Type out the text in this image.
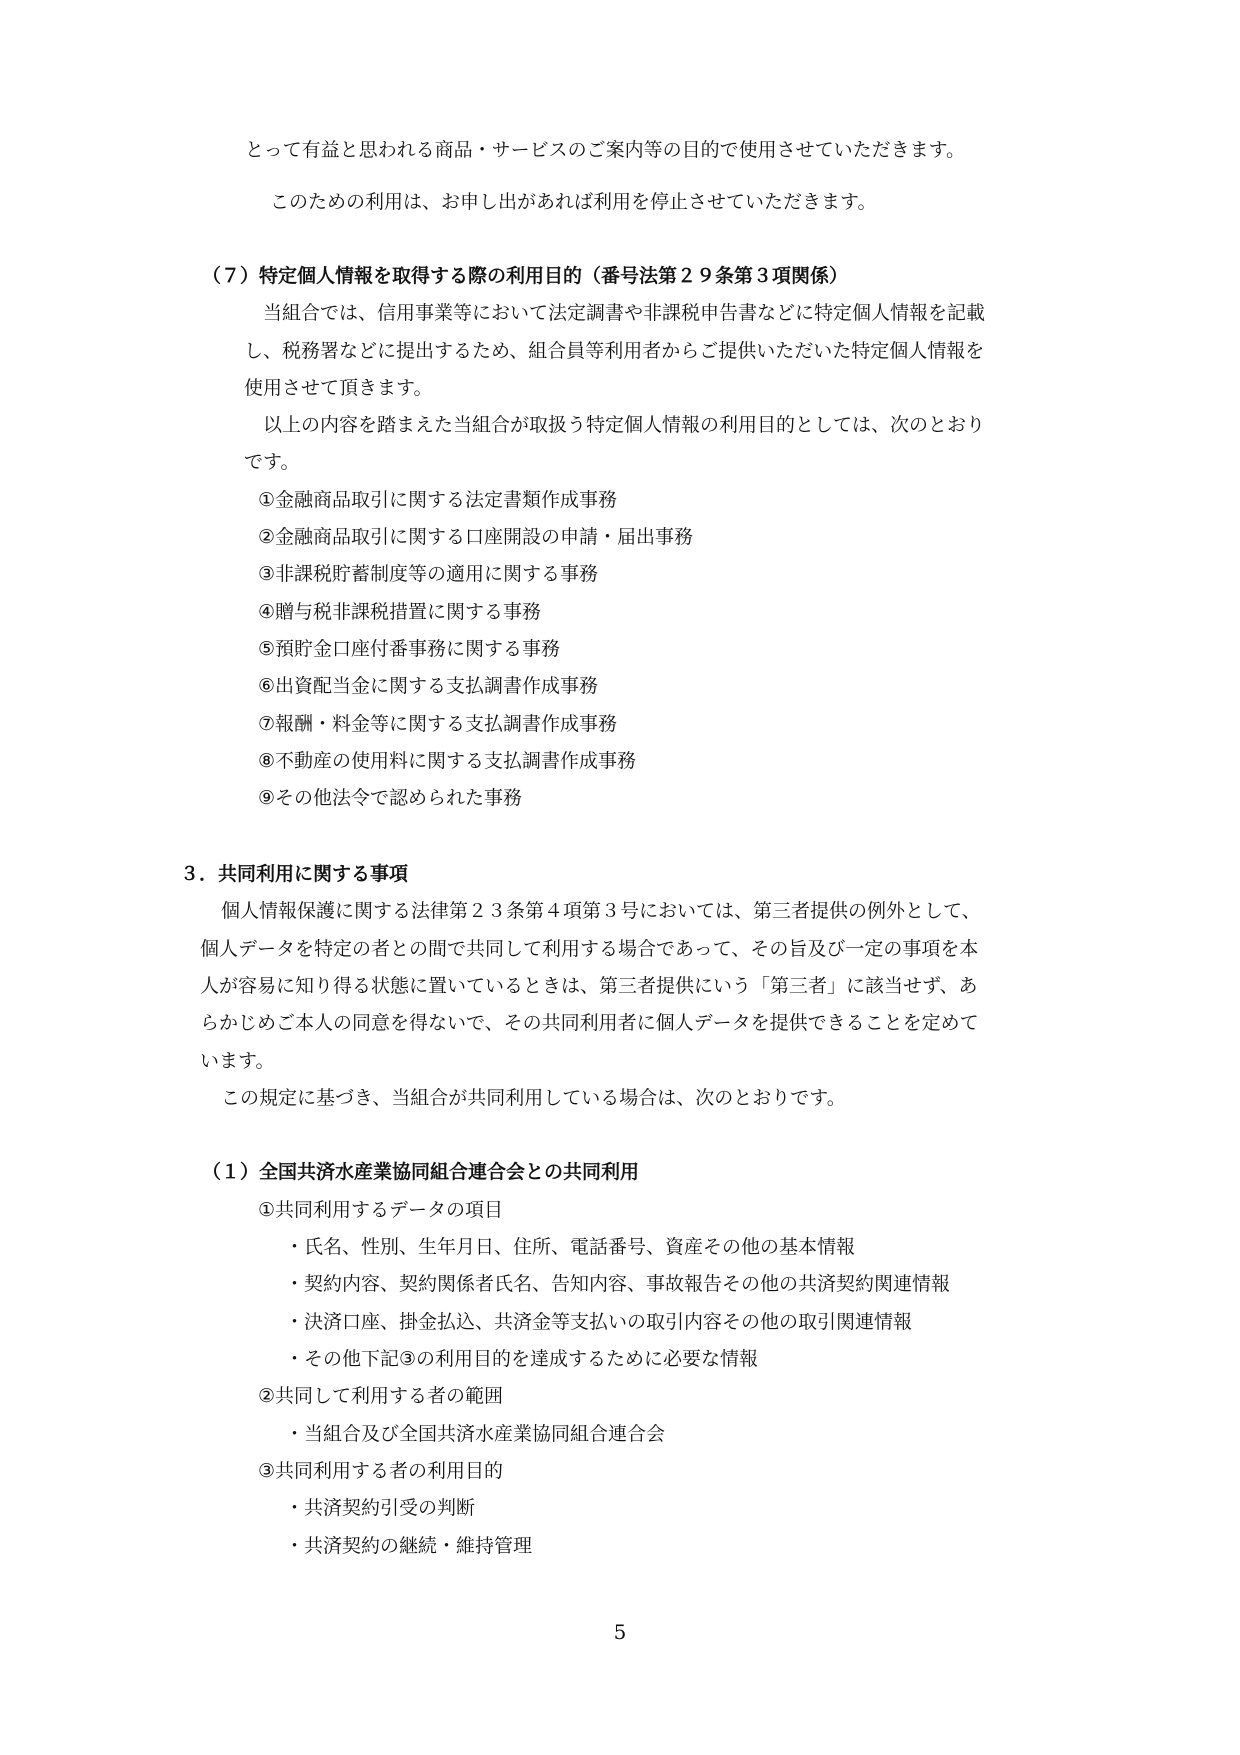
とって有益と思われる商品・サービスのご案内等の目的で使用させていただきます。
このための利用は、お申し出があれば利用を停止させていただきます。
（７）特定個人情報を取得する際の利用目的（番号法第２９条第３項関係）
当組合では、信用事業等において法定調書や非課税申告書などに特定個人情報を記載
し、税務署などに提出するため、組合員等利用者からご提供いただいた特定個人情報を
使用させて頂きます。
以上の内容を踏まえた当組合が取扱う特定個人情報の利用目的としては、次のとおり
です。
①金融商品取引に関する法定書類作成事務
②金融商品取引に関する口座開設の申請・届出事務
③非課税貯蓄制度等の適用に関する事務
④贈与税非課税措置に関する事務
⑤預貯金口座付番事務に関する事務
⑥出資配当金に関する支払調書作成事務
⑦報酬・料金等に関する支払調書作成事務
⑧不動産の使用料に関する支払調書作成事務
⑨その他法令で認められた事務
３．共同利用に関する事項
個人情報保護に関する法律第２３条第４項第３号においては、第三者提供の例外として、
個人データを特定の者との間で共同して利用する場合であって、その旨及び一定の事項を本
人が容易に知り得る状態に置いているときは、第三者提供にいう「第三者」に該当せず、あ
らかじめご本人の同意を得ないで、その共同利用者に個人データを提供できることを定めて
います。
この規定に基づき、当組合が共同利用している場合は、次のとおりです。
（１）全国共済水産業協同組合連合会との共同利用
①共同利用するデータの項目
・氏名、性別、生年月日、住所、電話番号、資産その他の基本情報
・契約内容、契約関係者氏名、告知内容、事故報告その他の共済契約関連情報
・決済口座、掛金払込、共済金等支払いの取引内容その他の取引関連情報
・その他下記③の利用目的を達成するために必要な情報
②共同して利用する者の範囲
・当組合及び全国共済水産業協同組合連合会
③共同利用する者の利用目的
・共済契約引受の判断
・共済契約の継続・維持管理
5
